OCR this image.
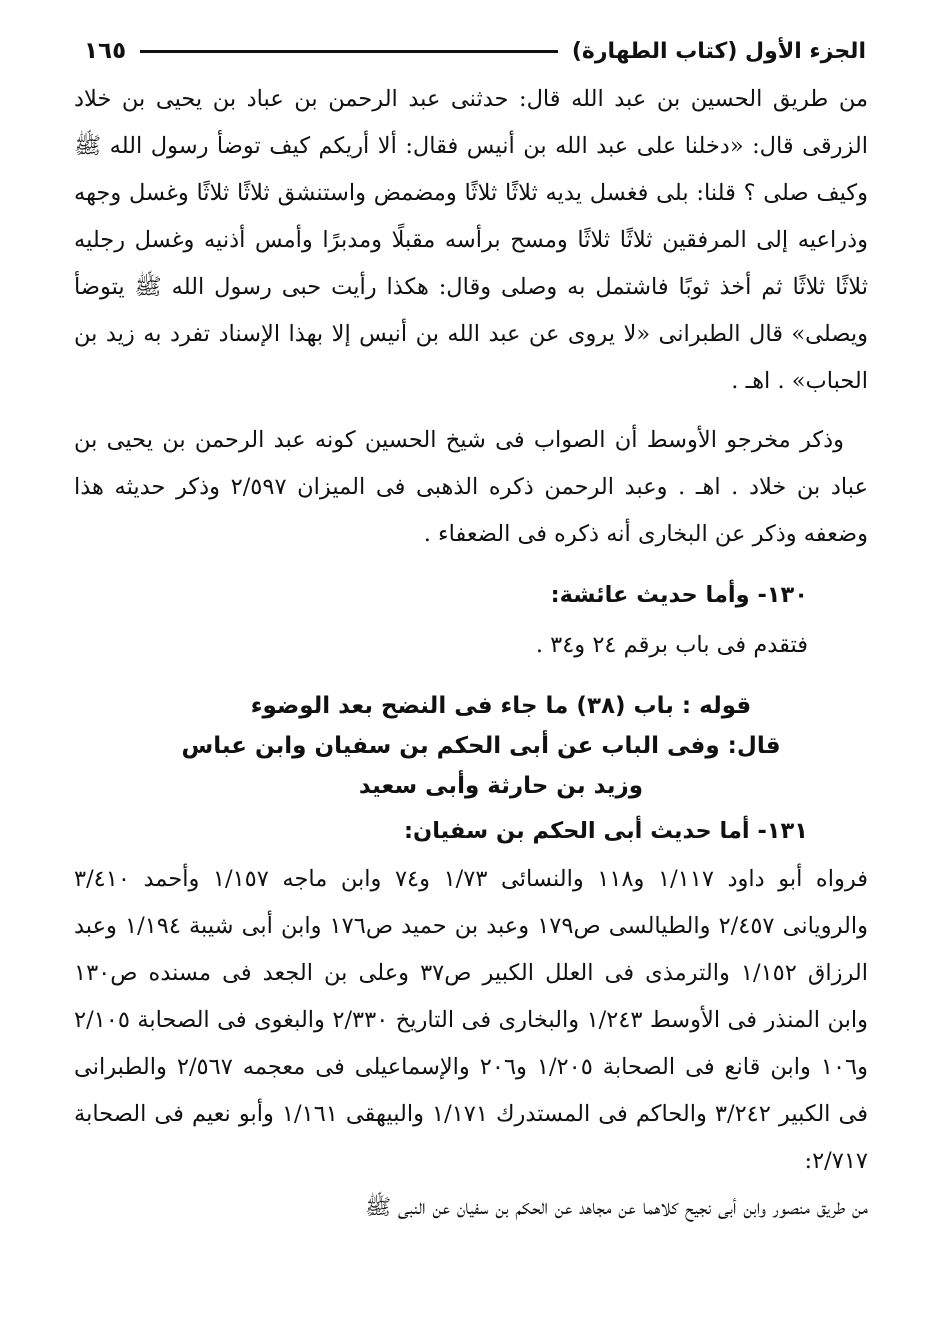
الجزء الأول (كتاب الطهارة)
١٦٥

من طريق الحسين بن عبد الله قال: حدثنى عبد الرحمن بن عباد بن يحيى بن خلاد الزرقى قال: «دخلنا على عبد الله بن أنيس فقال: ألا أريكم كيف توضأ رسول الله ﷺ وكيف صلى ؟ قلنا: بلى فغسل يديه ثلاثًا ثلاثًا ومضمض واستنشق ثلاثًا ثلاثًا وغسل وجهه وذراعيه إلى المرفقين ثلاثًا ثلاثًا ومسح برأسه مقبلًا ومدبرًا وأمس أذنيه وغسل رجليه ثلاثًا ثلاثًا ثم أخذ ثوبًا فاشتمل به وصلى وقال: هكذا رأيت حبى رسول الله ﷺ يتوضأ ويصلى» قال الطبرانى «لا يروى عن عبد الله بن أنيس إلا بهذا الإسناد تفرد به زيد بن الحباب» . اهـ .

وذكر مخرجو الأوسط أن الصواب فى شيخ الحسين كونه عبد الرحمن بن يحيى بن عباد بن خلاد . اهـ . وعبد الرحمن ذكره الذهبى فى الميزان ٢/٥٩٧ وذكر حديثه هذا وضعفه وذكر عن البخارى أنه ذكره فى الضعفاء .

١٣٠- وأما حديث عائشة:

فتقدم فى باب برقم ٢٤ و٣٤ .

قوله : باب (٣٨) ما جاء فى النضح بعد الوضوء
قال: وفى الباب عن أبى الحكم بن سفيان وابن عباس
وزيد بن حارثة وأبى سعيد

١٣١- أما حديث أبى الحكم بن سفيان:

فرواه أبو داود ١/١١٧ و١١٨ والنسائى ١/٧٣ و٧٤ وابن ماجه ١/١٥٧ وأحمد ٣/٤١٠ والرويانى ٢/٤٥٧ والطيالسى ص١٧٩ وعبد بن حميد ص١٧٦ وابن أبى شيبة ١/١٩٤ وعبد الرزاق ١/١٥٢ والترمذى فى العلل الكبير ص٣٧ وعلى بن الجعد فى مسنده ص١٣٠ وابن المنذر فى الأوسط ١/٢٤٣ والبخارى فى التاريخ ٢/٣٣٠ والبغوى فى الصحابة ٢/١٠٥ و١٠٦ وابن قانع فى الصحابة ١/٢٠٥ و٢٠٦ والإسماعيلى فى معجمه ٢/٥٦٧ والطبرانى فى الكبير ٣/٢٤٢ والحاكم فى المستدرك ١/١٧١ والبيهقى ١/١٦١ وأبو نعيم فى الصحابة ٢/٧١٧:

من طريق منصور وابن أبى نجيح كلاهما عن مجاهد عن الحكم بن سفيان عن النبى ﷺ
